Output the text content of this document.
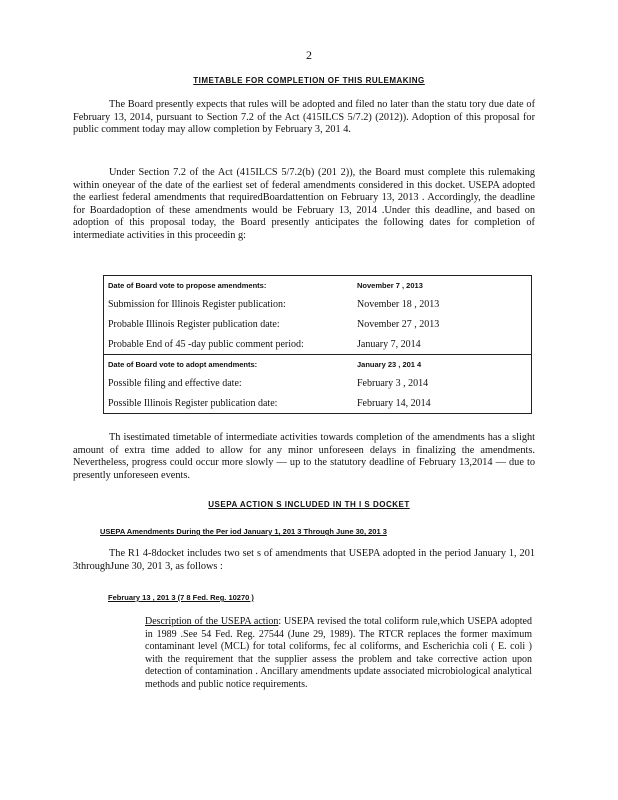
2
TIMETABLE FOR COMPLETION OF THIS RULEMAKING
The Board presently expects that rules will be adopted and filed no later than the statu tory due date of February 13, 2014, pursuant to Section 7.2 of the Act (415ILCS 5/7.2) (2012)). Adoption of this proposal for public comment today may allow completion by February 3, 201 4.
Under Section 7.2 of the Act (415ILCS 5/7.2(b) (201 2)), the Board must complete this rulemaking within oneyear of the date of the earliest set of federal amendments considered in this docket. USEPA adopted the earliest federal amendments that requiredBoardattention on February 13, 2013 . Accordingly, the deadline for Boardadoption of these amendments would be February 13, 2014 .Under this deadline, and based on adoption of this proposal today, the Board presently anticipates the following dates for completion of intermediate activities in this proceedin g:
Date of Board vote to propose amendments:	November 7 , 2013
Submission for Illinois Register publication:	November 18 , 2013
Probable Illinois Register publication date:	November 27 , 2013
Probable End of 45 -day public comment period:	January 7, 2014
Date of Board vote to adopt amendments:	January 23 , 201 4
Possible filing and effective date:	February 3 , 2014
Possible Illinois Register publication date:	February 14, 2014
Th isestimated timetable of intermediate activities towards completion of the amendments has a slight amount of extra time added to allow for any minor unforeseen delays in finalizing the amendments. Nevertheless, progress could occur more slowly — up to the statutory deadline of February 13,2014 — due to presently unforeseen events.
USEPA ACTION S INCLUDED IN TH I S DOCKET
USEPA Amendments During the Per iod January 1, 201 3 Through June 30, 201 3
The R1 4-8docket includes two set s of amendments that USEPA adopted in the period January 1, 201 3throughJune 30, 201 3, as follows :
February 13 , 201 3 (7 8 Fed. Reg. 10270 )
Description of the USEPA action: USEPA revised the total coliform rule,which USEPA adopted in 1989 .See 54 Fed. Reg. 27544 (June 29, 1989). The RTCR replaces the former maximum contaminant level (MCL) for total coliforms, fec al coliforms, and Escherichia coli ( E. coli ) with the requirement that the supplier assess the problem and take corrective action upon detection of contamination . Ancillary amendments update associated microbiological analytical methods and public notice requirements.
